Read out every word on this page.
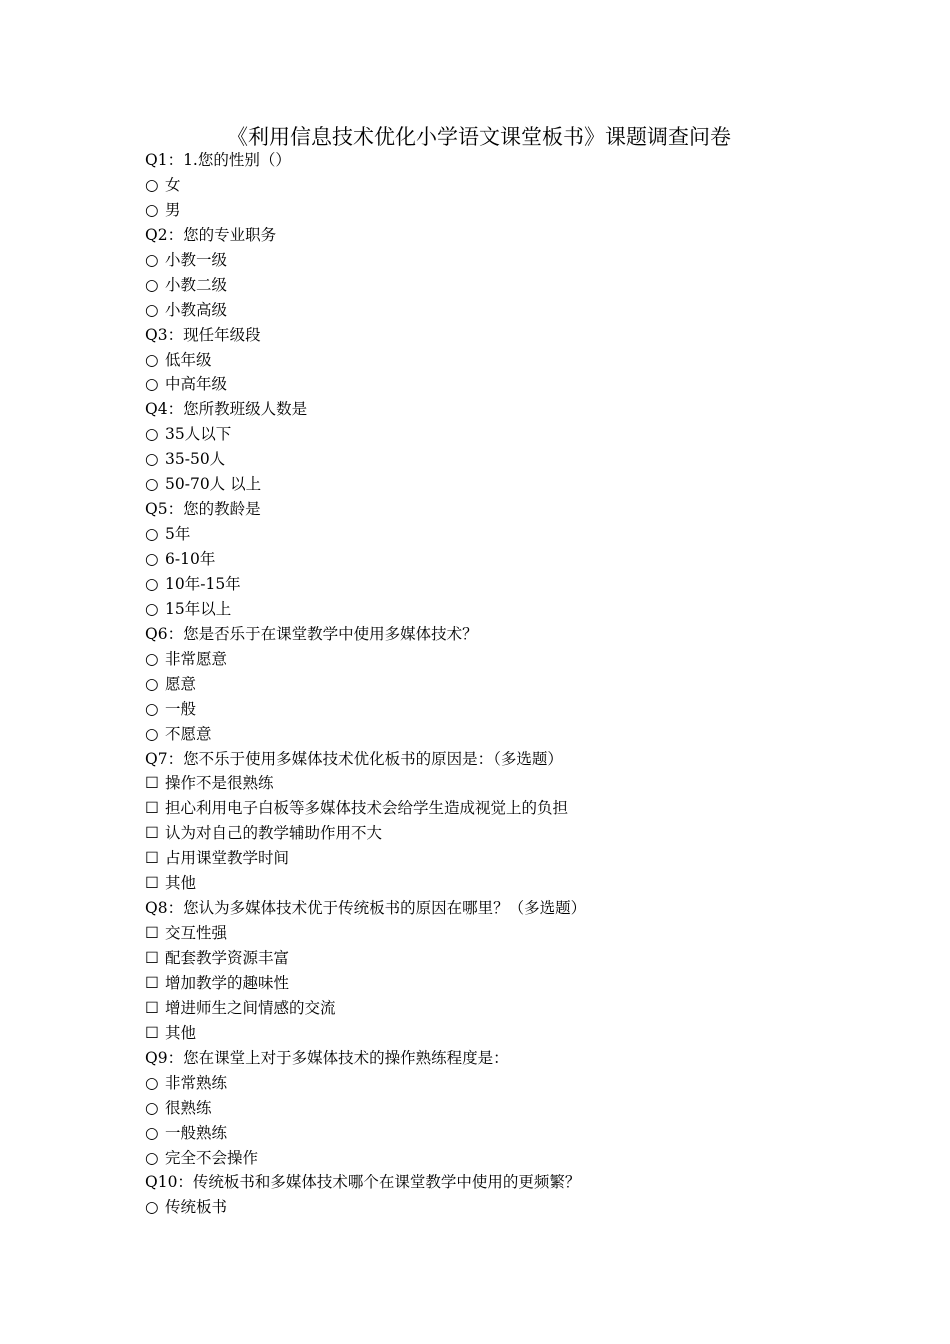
《利用信息技术优化小学语文课堂板书》课题调查问卷
Q1：1.您的性别（）
○ 女
○ 男
Q2：您的专业职务
○ 小教一级
○ 小教二级
○ 小教高级
Q3：现任年级段
○ 低年级
○ 中高年级
Q4：您所教班级人数是
○ 35人以下
○ 35-50人
○ 50-70人 以上
Q5：您的教龄是
○ 5年
○ 6-10年
○ 10年-15年
○ 15年以上
Q6：您是否乐于在课堂教学中使用多媒体技术？
○ 非常愿意
○ 愿意
○ 一般
○ 不愿意
Q7：您不乐于使用多媒体技术优化板书的原因是：（多选题）
☐ 操作不是很熟练
☐ 担心利用电子白板等多媒体技术会给学生造成视觉上的负担
☐ 认为对自己的教学辅助作用不大
☐ 占用课堂教学时间
☐ 其他
Q8：您认为多媒体技术优于传统板书的原因在哪里？（多选题）
☐ 交互性强
☐ 配套教学资源丰富
☐ 增加教学的趣味性
☐ 增进师生之间情感的交流
☐ 其他
Q9：您在课堂上对于多媒体技术的操作熟练程度是：
○ 非常熟练
○ 很熟练
○ 一般熟练
○ 完全不会操作
Q10：传统板书和多媒体技术哪个在课堂教学中使用的更频繁？
○ 传统板书
